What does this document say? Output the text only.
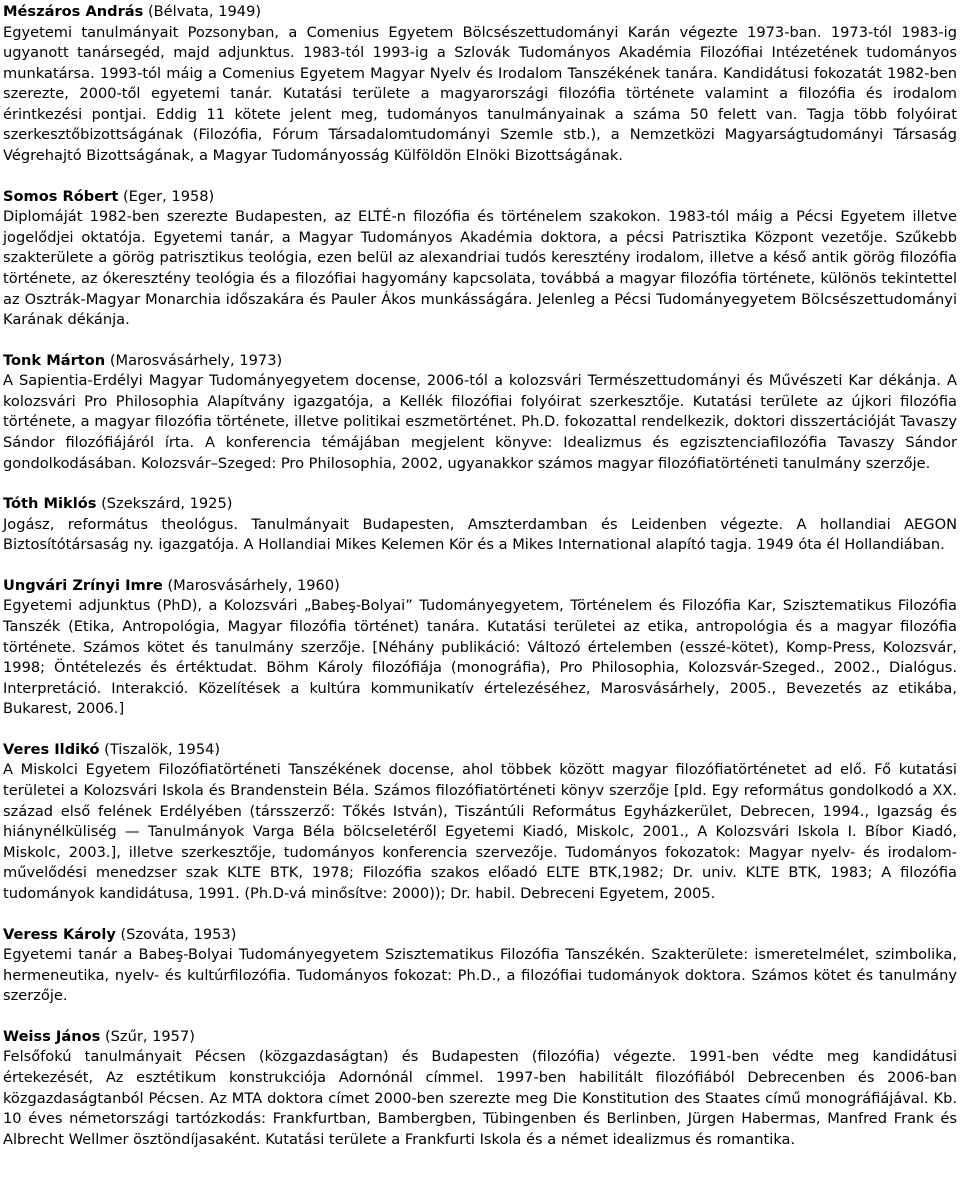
Mészáros András (Bélvata, 1949)

Egyetemi tanulmányait Pozsonyban, a Comenius Egyetem Bölcsészettudományi Karán végezte 1973-ban. 1973-tól 1983-ig ugyanott tanársegéd, majd adjunktus. 1983-tól 1993-ig a Szlovák Tudományos Akadémia Filozófiai Intézetének tudományos munkatársa. 1993-tól máig a Comenius Egyetem Magyar Nyelv és Irodalom Tanszékének tanára. Kandidátusi fokozatát 1982-ben szerezte, 2000-től egyetemi tanár. Kutatási területe a magyarországi filozófia története valamint a filozófia és irodalom érintkezési pontjai. Eddig 11 kötete jelent meg, tudományos tanulmányainak a száma 50 felett van. Tagja több folyóirat szerkesztőbizottságának (Filozófia, Fórum Társadalomtudományi Szemle stb.), a Nemzetközi Magyarságtudományi Társaság Végrehajtó Bizottságának, a Magyar Tudományosság Külföldön Elnöki Bizottságának.

Somos Róbert (Eger, 1958)

Diplomáját 1982-ben szerezte Budapesten, az ELTÉ-n filozófia és történelem szakokon. 1983-tól máig a Pécsi Egyetem illetve jogelődjei oktatója. Egyetemi tanár, a Magyar Tudományos Akadémia doktora, a pécsi Patrisztika Központ vezetője. Szűkebb szakterülete a görög patrisztikus teológia, ezen belül az alexandriai tudós keresztény irodalom, illetve a késő antik görög filozófia története, az ókeresztény teológia és a filozófiai hagyomány kapcsolata, továbbá a magyar filozófia története, különös tekintettel az Osztrák-Magyar Monarchia időszakára és Pauler Ákos munkásságára. Jelenleg a Pécsi Tudományegyetem Bölcsészettudományi Karának dékánja.

Tonk Márton (Marosvásárhely, 1973)

A Sapientia-Erdélyi Magyar Tudományegyetem docense, 2006-tól a kolozsvári Természettudományi és Művészeti Kar dékánja. A kolozsvári Pro Philosophia Alapítvány igazgatója, a Kellék filozófiai folyóirat szerkesztője. Kutatási területe az újkori filozófia története, a magyar filozófia története, illetve politikai eszmetörténet. Ph.D. fokozattal rendelkezik, doktori disszertációját Tavaszy Sándor filozófiájáról írta. A konferencia témájában megjelent könyve: Idealizmus és egzisztenciafilozófia Tavaszy Sándor gondolkodásában. Kolozsvár–Szeged: Pro Philosophia, 2002, ugyanakkor számos magyar filozófiatörténeti tanulmány szerzője.

Tóth Miklós (Szekszárd, 1925)

Jogász, református theológus. Tanulmányait Budapesten, Amszterdamban és Leidenben végezte. A hollandiai AEGON Biztosítótársaság ny. igazgatója. A Hollandiai Mikes Kelemen Kör és a Mikes International alapító tagja. 1949 óta él Hollandiában.

Ungvári Zrínyi Imre (Marosvásárhely, 1960)

Egyetemi adjunktus (PhD), a Kolozsvári „Babeş-Bolyai” Tudományegyetem, Történelem és Filozófia Kar, Szisztematikus Filozófia Tanszék (Etika, Antropológia, Magyar filozófia történet) tanára. Kutatási területei az etika, antropológia és a magyar filozófia története. Számos kötet és tanulmány szerzője. [Néhány publikáció: Változó értelemben (esszé-kötet), Komp-Press, Kolozsvár, 1998; Öntételezés és értéktudat. Böhm Károly filozófiája (monográfia), Pro Philosophia, Kolozsvár-Szeged., 2002., Dialógus. Interpretáció. Interakció. Közelítések a kultúra kommunikatív értelezéséhez, Marosvásárhely, 2005., Bevezetés az etikába, Bukarest, 2006.]

Veres Ildikó (Tiszalök, 1954)

A Miskolci Egyetem Filozófiatörténeti Tanszékének docense, ahol többek között magyar filozófiatörténetet ad elő. Fő kutatási területei a Kolozsvári Iskola és Brandenstein Béla. Számos filozófiatörténeti könyv szerzője [pld. Egy református gondolkodó a XX. század első felének Erdélyében (társszerző: Tőkés István), Tiszántúli Református Egyházkerület, Debrecen, 1994., Igazság és hiánynélküliség — Tanulmányok Varga Béla bölcseletéről Egyetemi Kiadó, Miskolc, 2001., A Kolozsvári Iskola I. Bíbor Kiadó, Miskolc, 2003.], illetve szerkesztője, tudományos konferencia szervezője. Tudományos fokozatok: Magyar nyelv- és irodalom- művelődési menedzser szak KLTE BTK, 1978; Filozófia szakos előadó ELTE BTK,1982; Dr. univ. KLTE BTK, 1983; A filozófia tudományok kandidátusa, 1991. (Ph.D-vá minősítve: 2000)); Dr. habil. Debreceni Egyetem, 2005.

Veress Károly (Szováta, 1953)

Egyetemi tanár a Babeş-Bolyai Tudományegyetem Szisztematikus Filozófia Tanszékén. Szakterülete: ismeretelmélet, szimbolika, hermeneutika, nyelv- és kultúrfilozófia. Tudományos fokozat: Ph.D., a filozófiai tudományok doktora. Számos kötet és tanulmány szerzője.

Weiss János (Szűr, 1957)

Felsőfokú tanulmányait Pécsen (közgazdaságtan) és Budapesten (filozófia) végezte. 1991-ben védte meg kandidátusi értekezését, Az esztétikum konstrukciója Adornónál címmel. 1997-ben habilitált filozófiából Debrecenben és 2006-ban közgazdaságtanból Pécsen. Az MTA doktora címet 2000-ben szerezte meg Die Konstitution des Staates című monográfiájával. Kb. 10 éves németországi tartózkodás: Frankfurtban, Bambergben, Tübingenben és Berlinben, Jürgen Habermas, Manfred Frank és Albrecht Wellmer ösztöndíjasaként. Kutatási területe a Frankfurti Iskola és a német idealizmus és romantika.
